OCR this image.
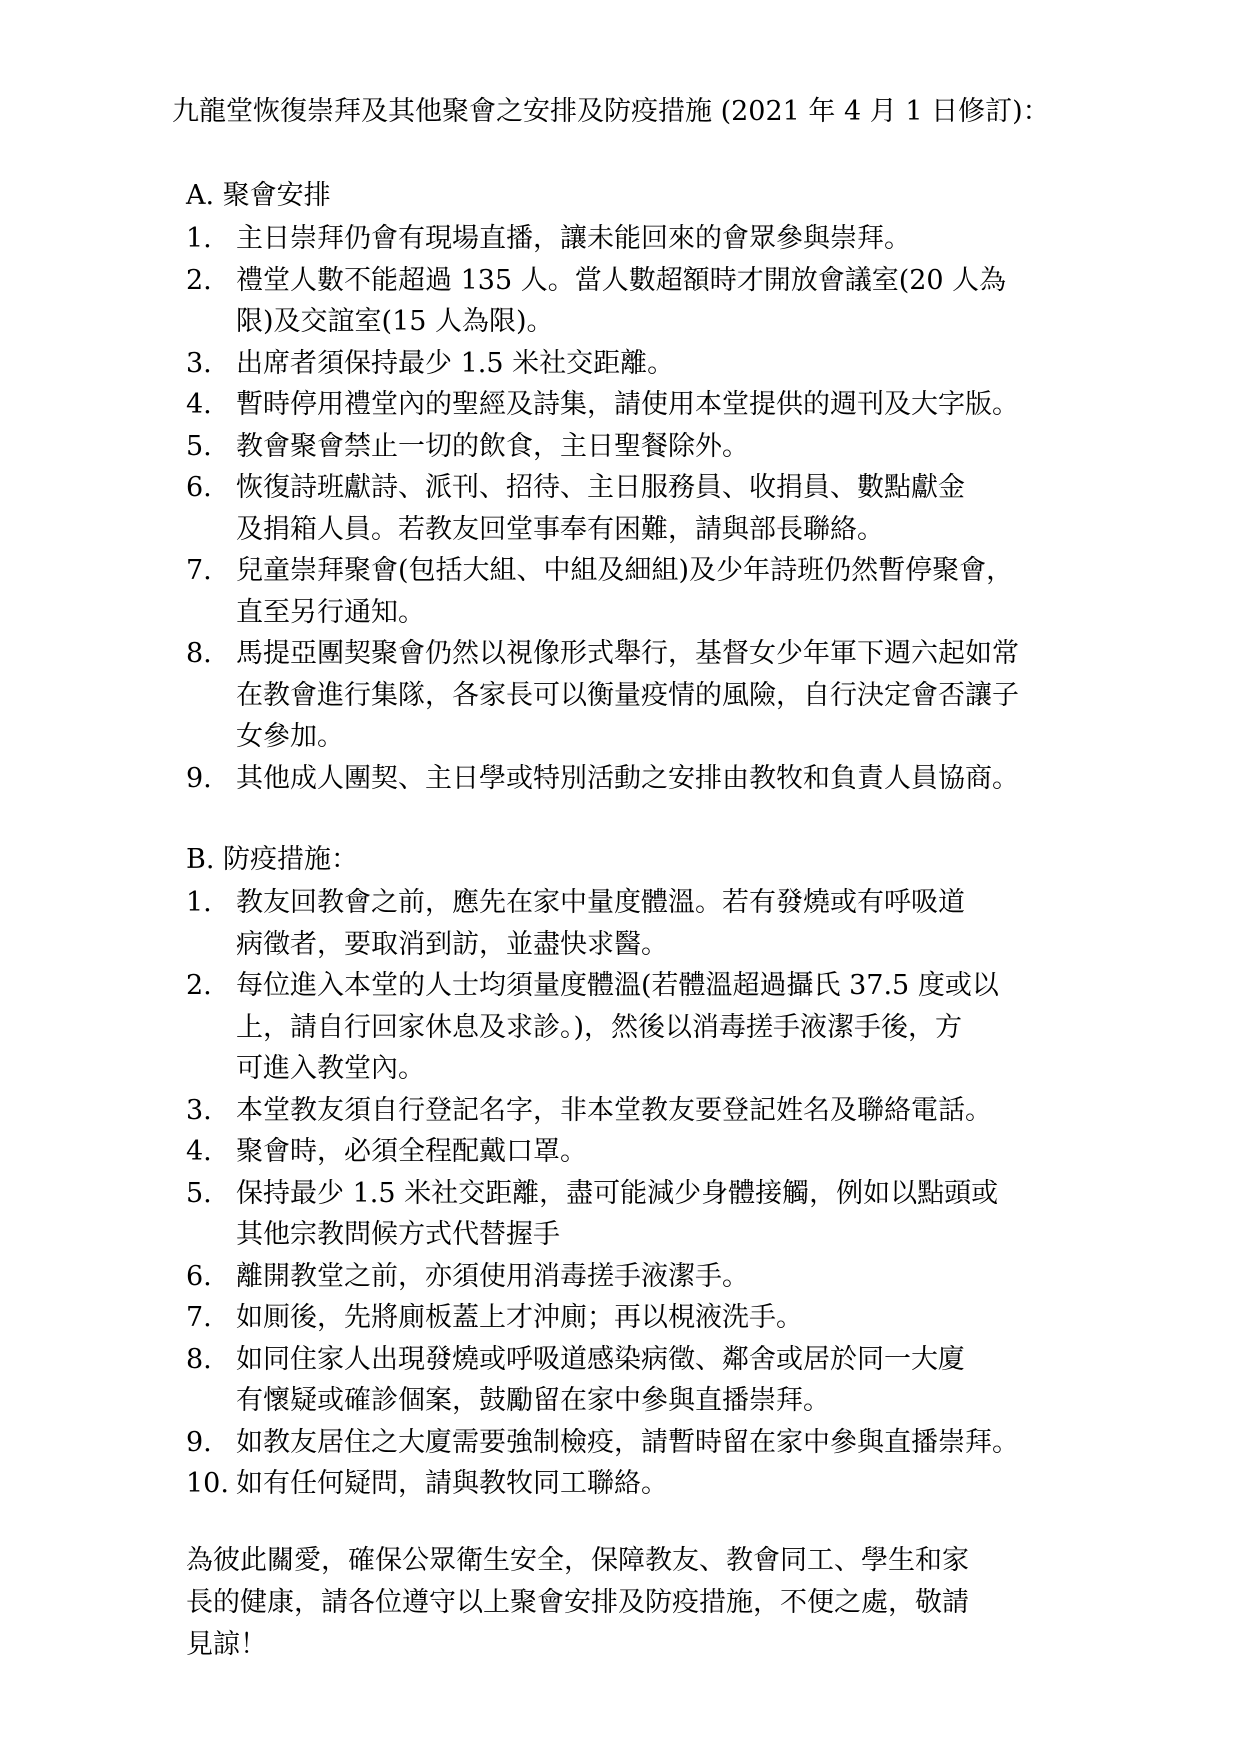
九龍堂恢復崇拜及其他聚會之安排及防疫措施 (2021 年 4 月 1 日修訂)：
A. 聚會安排
1. 主日崇拜仍會有現場直播，讓未能回來的會眾參與崇拜。
2. 禮堂人數不能超過 135 人。當人數超額時才開放會議室(20 人為
限)及交誼室(15 人為限)。
3. 出席者須保持最少 1.5 米社交距離。
4. 暫時停用禮堂內的聖經及詩集，請使用本堂提供的週刊及大字版。
5. 教會聚會禁止一切的飲食，主日聖餐除外。
6. 恢復詩班獻詩、派刊、招待、主日服務員、收捐員、數點獻金
及捐箱人員。若教友回堂事奉有困難，請與部長聯絡。
7. 兒童崇拜聚會(包括大組、中組及細組)及少年詩班仍然暫停聚會，
直至另行通知。
8. 馬提亞團契聚會仍然以視像形式舉行，基督女少年軍下週六起如常
在教會進行集隊，各家長可以衡量疫情的風險，自行決定會否讓子
女參加。
9. 其他成人團契、主日學或特別活動之安排由教牧和負責人員協商。
B. 防疫措施：
1. 教友回教會之前，應先在家中量度體溫。若有發燒或有呼吸道
病徵者，要取消到訪，並盡快求醫。
2. 每位進入本堂的人士均須量度體溫(若體溫超過攝氏 37.5 度或以
上，請自行回家休息及求診。)，然後以消毒搓手液潔手後，方
可進入教堂內。
3. 本堂教友須自行登記名字，非本堂教友要登記姓名及聯絡電話。
4. 聚會時，必須全程配戴口罩。
5. 保持最少 1.5 米社交距離，盡可能減少身體接觸，例如以點頭或
其他宗教問候方式代替握手
6. 離開教堂之前，亦須使用消毒搓手液潔手。
7. 如厠後，先將廁板蓋上才沖廁；再以梘液洗手。
8. 如同住家人出現發燒或呼吸道感染病徵、鄰舍或居於同一大廈
有懷疑或確診個案，鼓勵留在家中參與直播崇拜。
9. 如教友居住之大廈需要強制檢疫，請暫時留在家中參與直播崇拜。
10. 如有任何疑問，請與教牧同工聯絡。
為彼此關愛，確保公眾衛生安全，保障教友、教會同工、學生和家
長的健康，請各位遵守以上聚會安排及防疫措施，不便之處，敬請
見諒！
